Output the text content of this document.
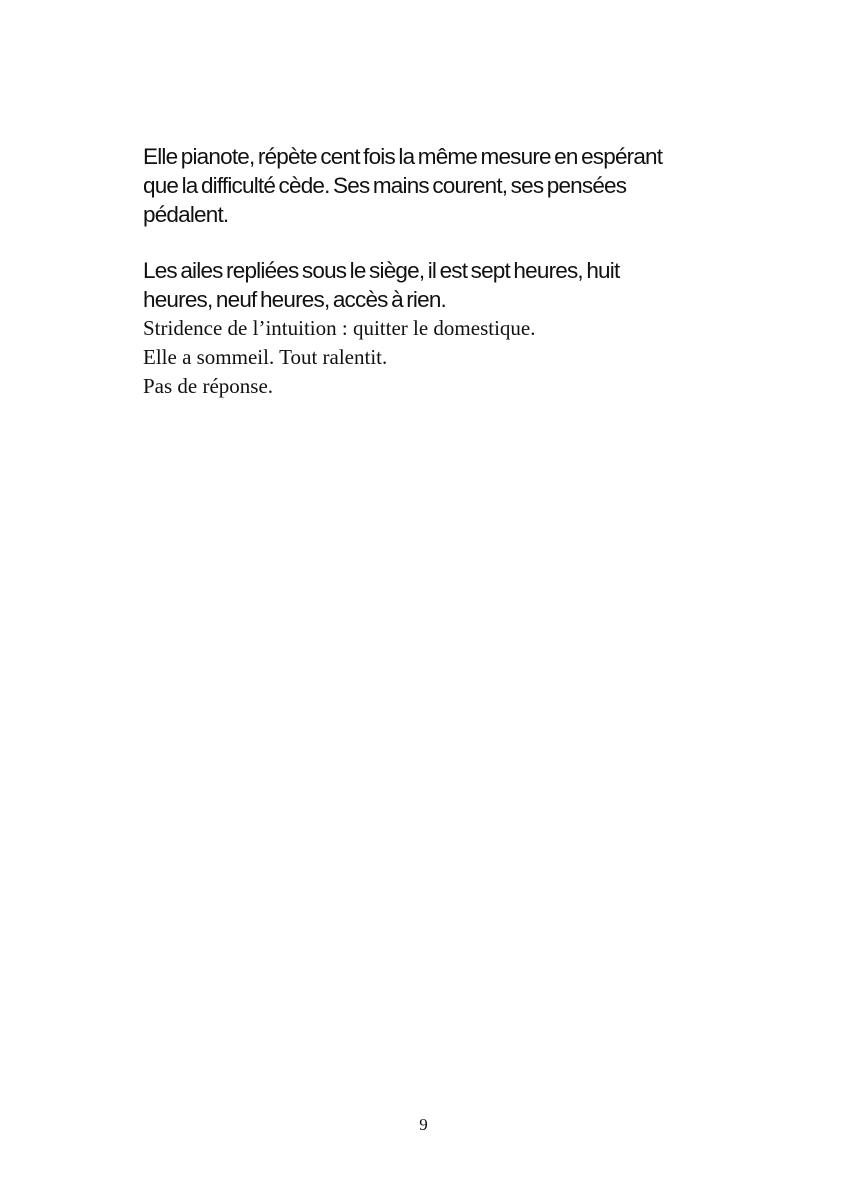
Elle pianote, répète cent fois la même mesure en espérant
que la difficulté cède. Ses mains courent, ses pensées
pédalent.

Les ailes repliées sous le siège, il est sept heures, huit
heures, neuf heures, accès à rien.

Stridence de l’intuition : quitter le domestique.

Elle a sommeil. Tout ralentit.

Pas de réponse.

9
